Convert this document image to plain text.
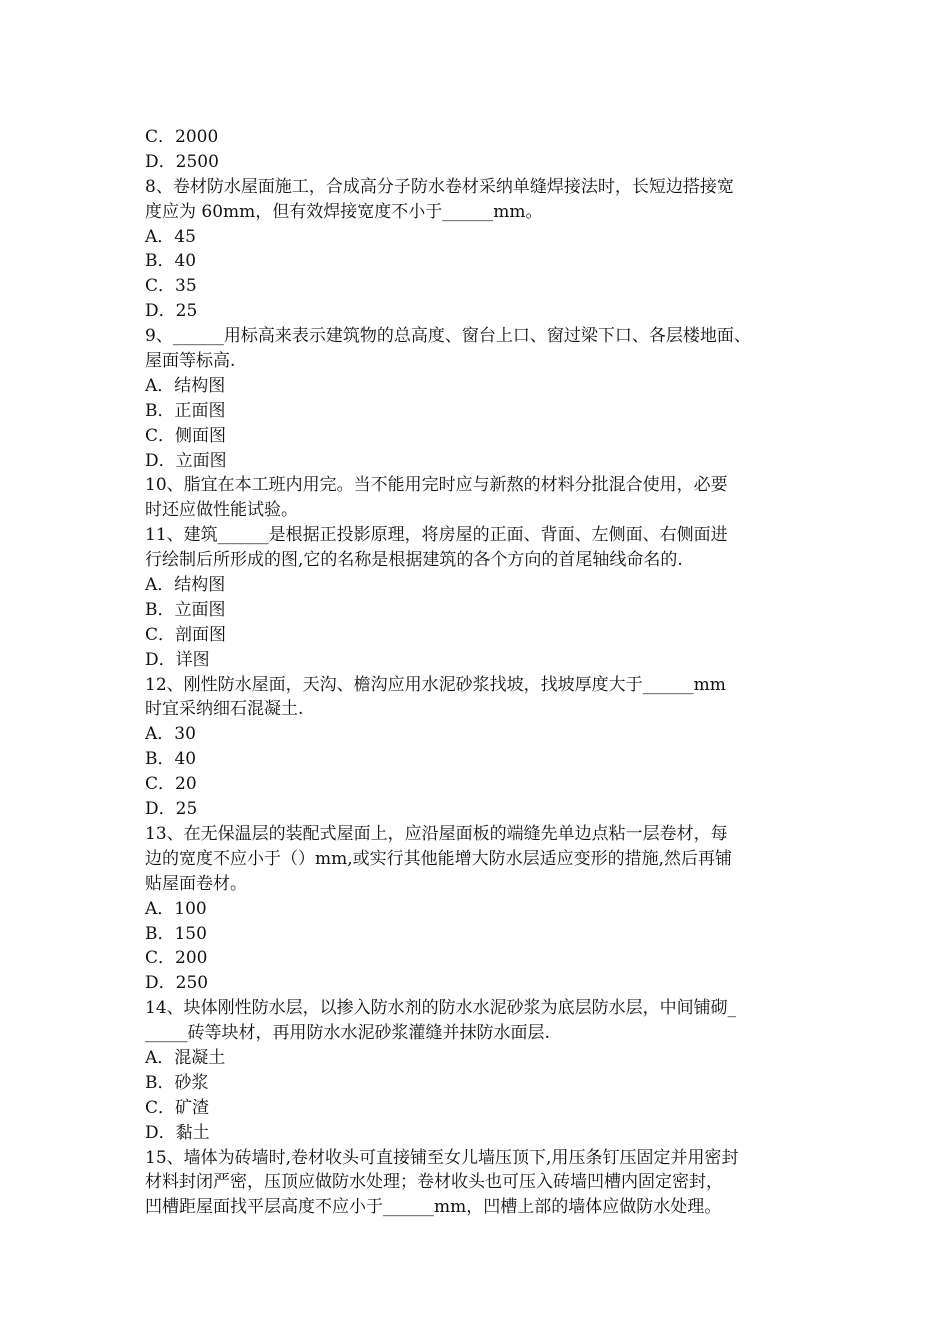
C．2000
D．2500
8、卷材防水屋面施工，合成高分子防水卷材采纳单缝焊接法时，长短边搭接宽
度应为 60mm，但有效焊接宽度不小于______mm。
A．45
B．40
C．35
D．25
9、______用标高来表示建筑物的总高度、窗台上口、窗过梁下口、各层楼地面、
屋面等标高.
A．结构图
B．正面图
C．侧面图
D．立面图
10、脂宜在本工班内用完。当不能用完时应与新熬的材料分批混合使用，必要
时还应做性能试验。
11、建筑______是根据正投影原理，将房屋的正面、背面、左侧面、右侧面进
行绘制后所形成的图,它的名称是根据建筑的各个方向的首尾轴线命名的.
A．结构图
B．立面图
C．剖面图
D．详图
12、刚性防水屋面，天沟、檐沟应用水泥砂浆找坡，找坡厚度大于______mm
时宜采纳细石混凝土.
A．30
B．40
C．20
D．25
13、在无保温层的装配式屋面上，应沿屋面板的端缝先单边点粘一层卷材，每
边的宽度不应小于（）mm,或实行其他能增大防水层适应变形的措施,然后再铺
贴屋面卷材。
A．100
B．150
C．200
D．250
14、块体刚性防水层，以掺入防水剂的防水水泥砂浆为底层防水层，中间铺砌_
_____砖等块材，再用防水水泥砂浆灌缝并抹防水面层.
A．混凝土
B．砂浆
C．矿渣
D．黏土
15、墙体为砖墙时,卷材收头可直接铺至女儿墙压顶下,用压条钉压固定并用密封
材料封闭严密，压顶应做防水处理；卷材收头也可压入砖墙凹槽内固定密封，
凹槽距屋面找平层高度不应小于______mm，凹槽上部的墙体应做防水处理。
